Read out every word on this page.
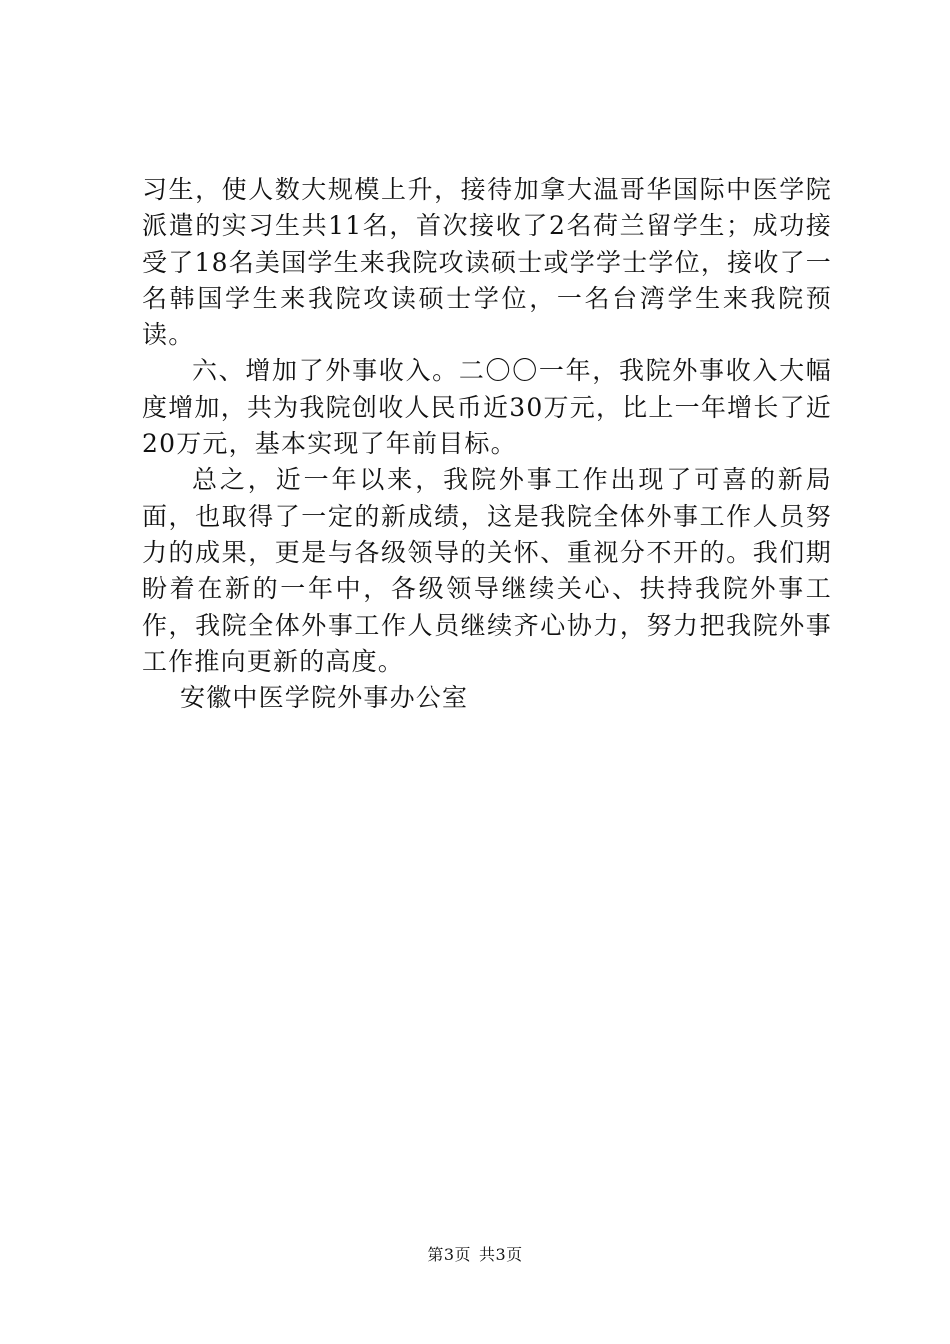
习生，使人数大规模上升，接待加拿大温哥华国际中医学院派遣的实习生共11名，首次接收了2名荷兰留学生；成功接受了18名美国学生来我院攻读硕士或学学士学位，接收了一名韩国学生来我院攻读硕士学位，一名台湾学生来我院预读。

六、增加了外事收入。二〇〇一年，我院外事收入大幅度增加，共为我院创收人民币近30万元，比上一年增长了近20万元，基本实现了年前目标。

总之，近一年以来，我院外事工作出现了可喜的新局面，也取得了一定的新成绩，这是我院全体外事工作人员努力的成果，更是与各级领导的关怀、重视分不开的。我们期盼着在新的一年中，各级领导继续关心、扶持我院外事工作，我院全体外事工作人员继续齐心协力，努力把我院外事工作推向更新的高度。

安徽中医学院外事办公室

第3页 共3页
